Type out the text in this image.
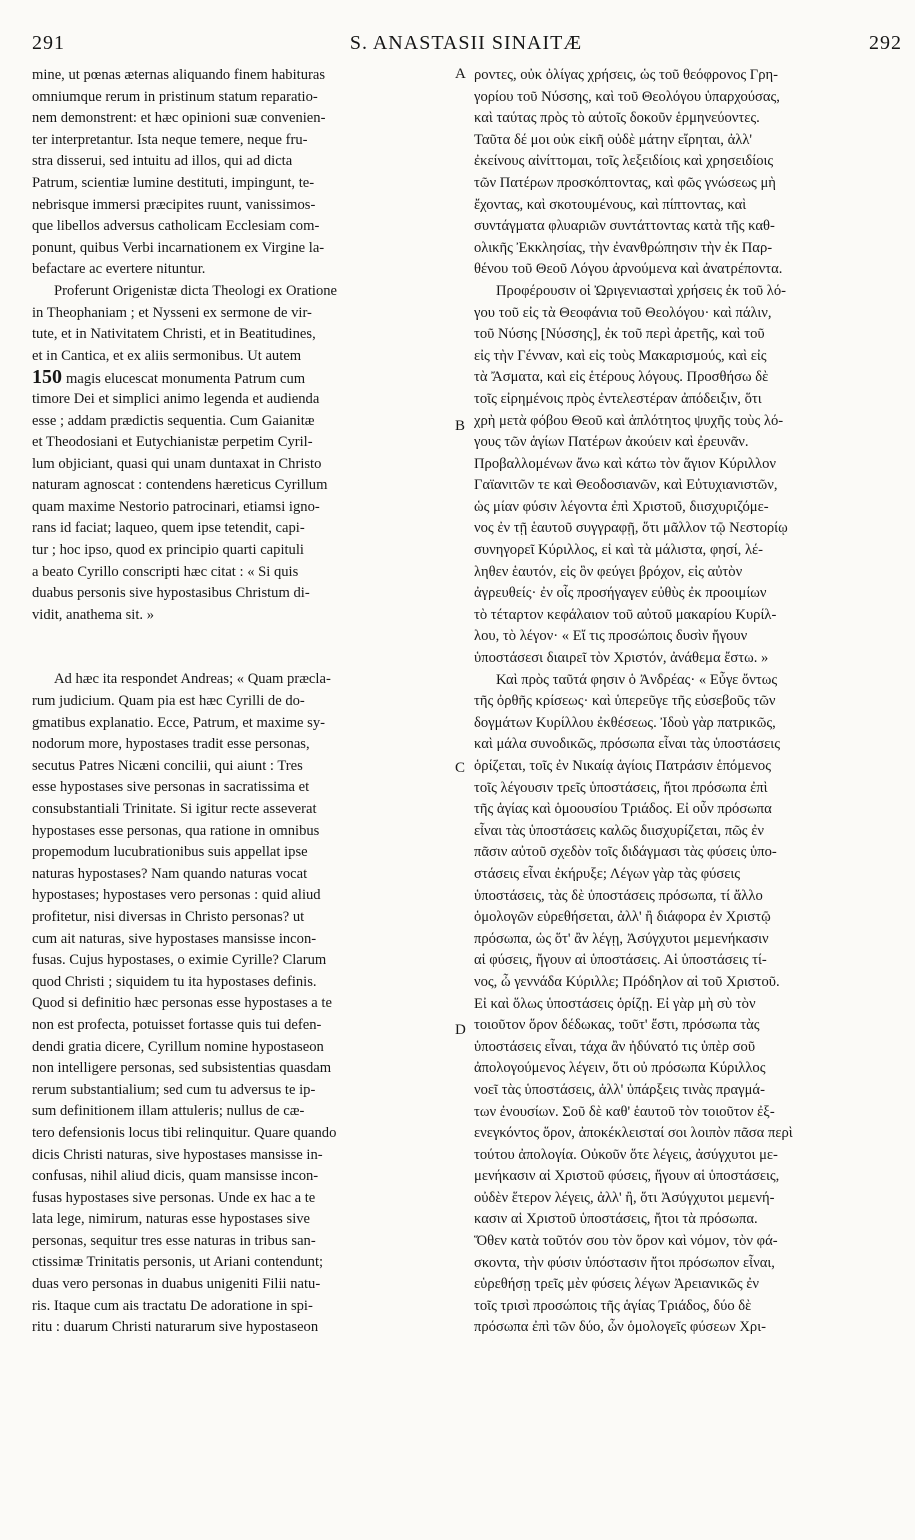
291	S. ANASTASII SINAITÆ	292
A
B
C
D
mine, ut pœnas æternas aliquando finem habituras
omniumque rerum in pristinum statum reparatio-
nem demonstrent: et hæc opinioni suæ convenien-
ter interpretantur. Ista neque temere, neque fru-
stra disserui, sed intuitu ad illos, qui ad dicta
Patrum, scientiæ lumine destituti, impingunt, te-
nebrisque immersi præcipites ruunt, vanissimos-
que libellos adversus catholicam Ecclesiam com-
ponunt, quibus Verbi incarnationem ex Virgine la-
befactare ac evertere nituntur.
Proferunt Origenistæ dicta Theologi ex Oratione
in Theophaniam ; et Nysseni ex sermone de vir-
tute, et in Nativitatem Christi, et in Beatitudines,
et in Cantica, et ex aliis sermonibus. Ut autem
150 magis elucescat monumenta Patrum cum
timore Dei et simplici animo legenda et audienda
esse ; addam prædictis sequentia. Cum Gaianitæ
et Theodosiani et Eutychianistæ perpetim Cyril-
lum objiciant, quasi qui unam duntaxat in Christo
naturam agnoscat : contendens hæreticus Cyrillum
quam maxime Nestorio patrocinari, etiamsi igno-
rans id faciat; laqueo, quem ipse tetendit, capi-
tur ; hoc ipso, quod ex principio quarti capituli
a beato Cyrillo conscripti hæc citat : « Si quis
duabus personis sive hypostasibus Christum di-
vidit, anathema sit. »
Ad hæc ita respondet Andreas; « Quam præcla-
rum judicium. Quam pia est hæc Cyrilli de do-
gmatibus explanatio. Ecce, Patrum, et maxime sy-
nodorum more, hypostases tradit esse personas,
secutus Patres Nicæni concilii, qui aiunt : Tres
esse hypostases sive personas in sacratissima et
consubstantiali Trinitate. Si igitur recte asseverat
hypostases esse personas, qua ratione in omnibus
propemodum lucubrationibus suis appellat ipse
naturas hypostases? Nam quando naturas vocat
hypostases; hypostases vero personas : quid aliud
profitetur, nisi diversas in Christo personas? ut
cum ait naturas, sive hypostases mansisse incon-
fusas. Cujus hypostases, o eximie Cyrille? Clarum
quod Christi ; siquidem tu ita hypostases definis.
Quod si definitio hæc personas esse hypostases a te
non est profecta, potuisset fortasse quis tui defen-
dendi gratia dicere, Cyrillum nomine hypostaseon
non intelligere personas, sed subsistentias quasdam
rerum substantialium; sed cum tu adversus te ip-
sum definitionem illam attuleris; nullus de cæ-
tero defensionis locus tibi relinquitur. Quare quando
dicis Christi naturas, sive hypostases mansisse in-
confusas, nihil aliud dicis, quam mansisse incon-
fusas hypostases sive personas. Unde ex hac a te
lata lege, nimirum, naturas esse hypostases sive
personas, sequitur tres esse naturas in tribus san-
ctissimæ Trinitatis personis, ut Ariani contendunt;
duas vero personas in duabus unigeniti Filii natu-
ris. Itaque cum ais tractatu De adoratione in spi-
ritu : duarum Christi naturarum sive hypostaseon
ροντες, οὐκ ὀλίγας χρήσεις, ὡς τοῦ θεόφρονος Γρη-
γορίου τοῦ Νύσσης, καὶ τοῦ Θεολόγου ὑπαρχούσας,
καὶ ταύτας πρὸς τὸ αὐτοῖς δοκοῦν ἑρμηνεύοντες.
Ταῦτα δέ μοι οὐκ εἰκῆ οὐδὲ μάτην εἴρηται, ἀλλ'
ἐκείνους αἰνίττομαι, τοῖς λεξειδίοις καὶ χρησειδίοις
τῶν Πατέρων προσκόπτοντας, καὶ φῶς γνώσεως μὴ
ἔχοντας, καὶ σκοτουμένους, καὶ πίπτοντας, καὶ
συντάγματα φλυαριῶν συντάττοντας κατὰ τῆς καθ-
ολικῆς Ἐκκλησίας, τὴν ἐνανθρώπησιν τὴν ἐκ Παρ-
θένου τοῦ Θεοῦ Λόγου ἀρνούμενα καὶ ἀνατρέποντα.
Προφέρουσιν οἱ Ὠριγενιασταὶ χρήσεις ἐκ τοῦ λό-
γου τοῦ εἰς τὰ Θεοφάνια τοῦ Θεολόγου· καὶ πάλιν,
τοῦ Νύσης [Νύσσης], ἐκ τοῦ περὶ ἀρετῆς, καὶ τοῦ
εἰς τὴν Γένναν, καὶ εἰς τοὺς Μακαρισμούς, καὶ εἰς
τὰ Ἄσματα, καὶ εἰς ἑτέρους λόγους. Προσθήσω δὲ
τοῖς εἰρημένοις πρὸς ἐντελεστέραν ἀπόδειξιν, ὅτι
χρὴ μετὰ φόβου Θεοῦ καὶ ἁπλότητος ψυχῆς τοὺς λό-
γους τῶν ἁγίων Πατέρων ἀκούειν καὶ ἐρευνᾶν.
Προβαλλομένων ἄνω καὶ κάτω τὸν ἅγιον Κύριλλον
Γαϊανιτῶν τε καὶ Θεοδοσιανῶν, καὶ Εὐτυχιανιστῶν,
ὡς μίαν φύσιν λέγοντα ἐπὶ Χριστοῦ, διισχυριζόμε-
νος ἐν τῇ ἑαυτοῦ συγγραφῇ, ὅτι μᾶλλον τῷ Νεστορίῳ
συνηγορεῖ Κύριλλος, εἰ καὶ τὰ μάλιστα, φησί, λέ-
ληθεν ἑαυτόν, εἰς ὃν φεύγει βρόχον, εἰς αὐτὸν
ἀγρευθείς· ἐν οἷς προσήγαγεν εὐθὺς ἐκ προοιμίων
τὸ τέταρτον κεφάλαιον τοῦ αὐτοῦ μακαρίου Κυρίλ-
λου, τὸ λέγον· « Εἴ τις προσώποις δυσὶν ἤγουν
ὑποστάσεσι διαιρεῖ τὸν Χριστόν, ἀνάθεμα ἔστω. »
Καὶ πρὸς ταῦτά φησιν ὁ Ἀνδρέας· « Εὖγε ὄντως
τῆς ὀρθῆς κρίσεως· καὶ ὑπερεῦγε τῆς εὐσεβοῦς τῶν
δογμάτων Κυρίλλου ἐκθέσεως. Ἰδοὺ γὰρ πατρικῶς,
καὶ μάλα συνοδικῶς, πρόσωπα εἶναι τὰς ὑποστάσεις
ὁρίζεται, τοῖς ἐν Νικαίᾳ ἁγίοις Πατράσιν ἑπόμενος
τοῖς λέγουσιν τρεῖς ὑποστάσεις, ἤτοι πρόσωπα ἐπὶ
τῆς ἁγίας καὶ ὁμοουσίου Τριάδος. Εἰ οὖν πρόσωπα
εἶναι τὰς ὑποστάσεις καλῶς διισχυρίζεται, πῶς ἐν
πᾶσιν αὐτοῦ σχεδὸν τοῖς διδάγμασι τὰς φύσεις ὑπο-
στάσεις εἶναι ἐκήρυξε; Λέγων γὰρ τὰς φύσεις
ὑποστάσεις, τὰς δὲ ὑποστάσεις πρόσωπα, τί ἄλλο
ὁμολογῶν εὑρεθήσεται, ἀλλ' ἢ διάφορα ἐν Χριστῷ
πρόσωπα, ὡς ὅτ' ἂν λέγῃ, Ἀσύγχυτοι μεμενήκασιν
αἱ φύσεις, ἤγουν αἱ ὑποστάσεις. Αἱ ὑποστάσεις τί-
νος, ὦ γεννάδα Κύριλλε; Πρόδηλον αἱ τοῦ Χριστοῦ.
Εἰ καὶ ὅλως ὑποστάσεις ὁρίζῃ. Εἰ γὰρ μὴ σὺ τὸν
τοιοῦτον ὅρον δέδωκας, τοῦτ' ἔστι, πρόσωπα τὰς
ὑποστάσεις εἶναι, τάχα ἂν ἠδύνατό τις ὑπὲρ σοῦ
ἀπολογούμενος λέγειν, ὅτι οὐ πρόσωπα Κύριλλος
νοεῖ τὰς ὑποστάσεις, ἀλλ' ὑπάρξεις τινὰς πραγμά-
των ἐνουσίων. Σοῦ δὲ καθ' ἑαυτοῦ τὸν τοιοῦτον ἐξ-
ενεγκόντος ὅρον, ἀποκέκλεισταί σοι λοιπὸν πᾶσα περὶ
τούτου ἀπολογία. Οὐκοῦν ὅτε λέγεις, ἀσύγχυτοι με-
μενήκασιν αἱ Χριστοῦ φύσεις, ἤγουν αἱ ὑποστάσεις,
οὐδὲν ἕτερον λέγεις, ἀλλ' ἢ, ὅτι Ἀσύγχυτοι μεμενή-
κασιν αἱ Χριστοῦ ὑποστάσεις, ἤτοι τὰ πρόσωπα.
Ὅθεν κατὰ τοῦτόν σου τὸν ὅρον καὶ νόμον, τὸν φά-
σκοντα, τὴν φύσιν ὑπόστασιν ἤτοι πρόσωπον εἶναι,
εὑρεθήσῃ τρεῖς μὲν φύσεις λέγων Ἀρειανικῶς ἐν
τοῖς τρισὶ προσώποις τῆς ἁγίας Τριάδος, δύο δὲ
πρόσωπα ἐπὶ τῶν δύο, ὧν ὁμολογεῖς φύσεων Χρι-
